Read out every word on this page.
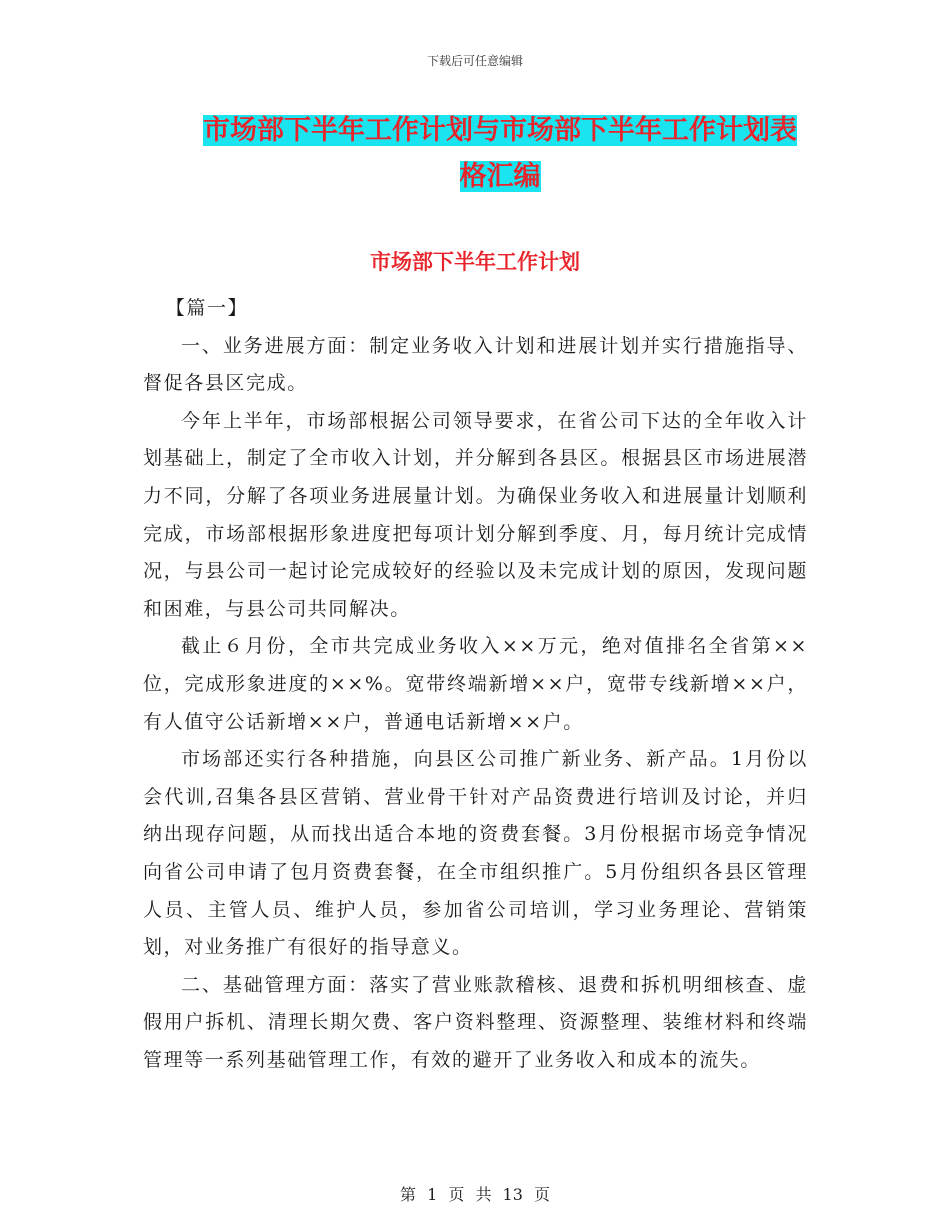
下载后可任意编辑
市场部下半年工作计划与市场部下半年工作计划表格汇编
市场部下半年工作计划

【篇一】

一、业务进展方面：制定业务收入计划和进展计划并实行措施指导、督促各县区完成。

今年上半年，市场部根据公司领导要求，在省公司下达的全年收入计划基础上，制定了全市收入计划，并分解到各县区。根据县区市场进展潜力不同，分解了各项业务进展量计划。为确保业务收入和进展量计划顺利完成，市场部根据形象进度把每项计划分解到季度、月，每月统计完成情况，与县公司一起讨论完成较好的经验以及未完成计划的原因，发现问题和困难，与县公司共同解决。

截止６月份，全市共完成业务收入××万元，绝对值排名全省第××位，完成形象进度的××%。宽带终端新增××户，宽带专线新增××户，有人值守公话新增××户，普通电话新增××户。

市场部还实行各种措施，向县区公司推广新业务、新产品。1月份以会代训,召集各县区营销、营业骨干针对产品资费进行培训及讨论，并归纳出现存问题，从而找出适合本地的资费套餐。3月份根据市场竞争情况向省公司申请了包月资费套餐，在全市组织推广。5月份组织各县区管理人员、主管人员、维护人员，参加省公司培训，学习业务理论、营销策划，对业务推广有很好的指导意义。

二、基础管理方面：落实了营业账款稽核、退费和拆机明细核查、虚假用户拆机、清理长期欠费、客户资料整理、资源整理、装维材料和终端管理等一系列基础管理工作，有效的避开了业务收入和成本的流失。

第 1 页 共 13 页
